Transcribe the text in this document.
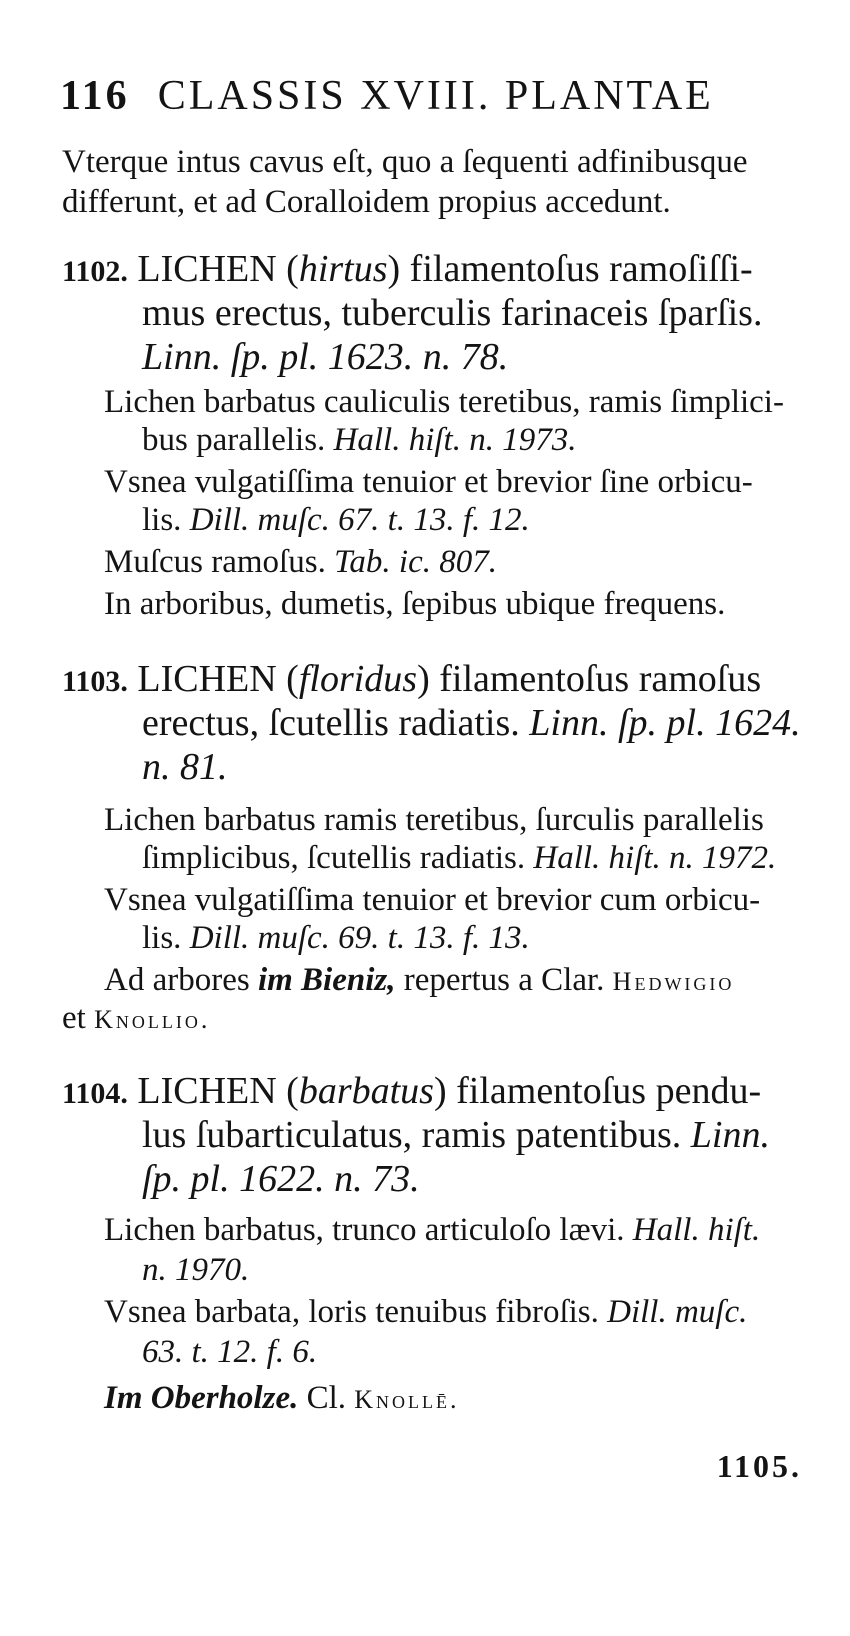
116 CLASSIS XVIII. PLANTAE
Vterque intus cavus eſt, quo a ſequenti adfinibusque
differunt, et ad Coralloidem propius accedunt.
1102. LICHEN (hirtus) filamentoſus ramoſiſſi-
mus erectus, tuberculis farinaceis ſparſis.
Linn. ſp. pl. 1623. n. 78.
Lichen barbatus cauliculis teretibus, ramis ſimplici-
bus parallelis. Hall. hiſt. n. 1973.
Vsnea vulgatiſſima tenuior et brevior ſine orbicu-
lis. Dill. muſc. 67. t. 13. f. 12.
Muſcus ramoſus. Tab. ic. 807.
In arboribus, dumetis, ſepibus ubique frequens.
1103. LICHEN (floridus) filamentoſus ramoſus
erectus, ſcutellis radiatis. Linn. ſp. pl. 1624.
n. 81.
Lichen barbatus ramis teretibus, ſurculis parallelis
ſimplicibus, ſcutellis radiatis. Hall. hiſt. n. 1972.
Vsnea vulgatiſſima tenuior et brevior cum orbicu-
lis. Dill. muſc. 69. t. 13. f. 13.
Ad arbores im Bieniz, repertus a Clar. Hedwigio
et Knollio.
1104. LICHEN (barbatus) filamentoſus pendu-
lus ſubarticulatus, ramis patentibus. Linn.
ſp. pl. 1622. n. 73.
Lichen barbatus, trunco articuloſo lævi. Hall. hiſt.
n. 1970.
Vsnea barbata, loris tenuibus fibroſis. Dill. muſc.
63. t. 12. f. 6.
Im Oberholze. Cl. Knollē.
1105.
